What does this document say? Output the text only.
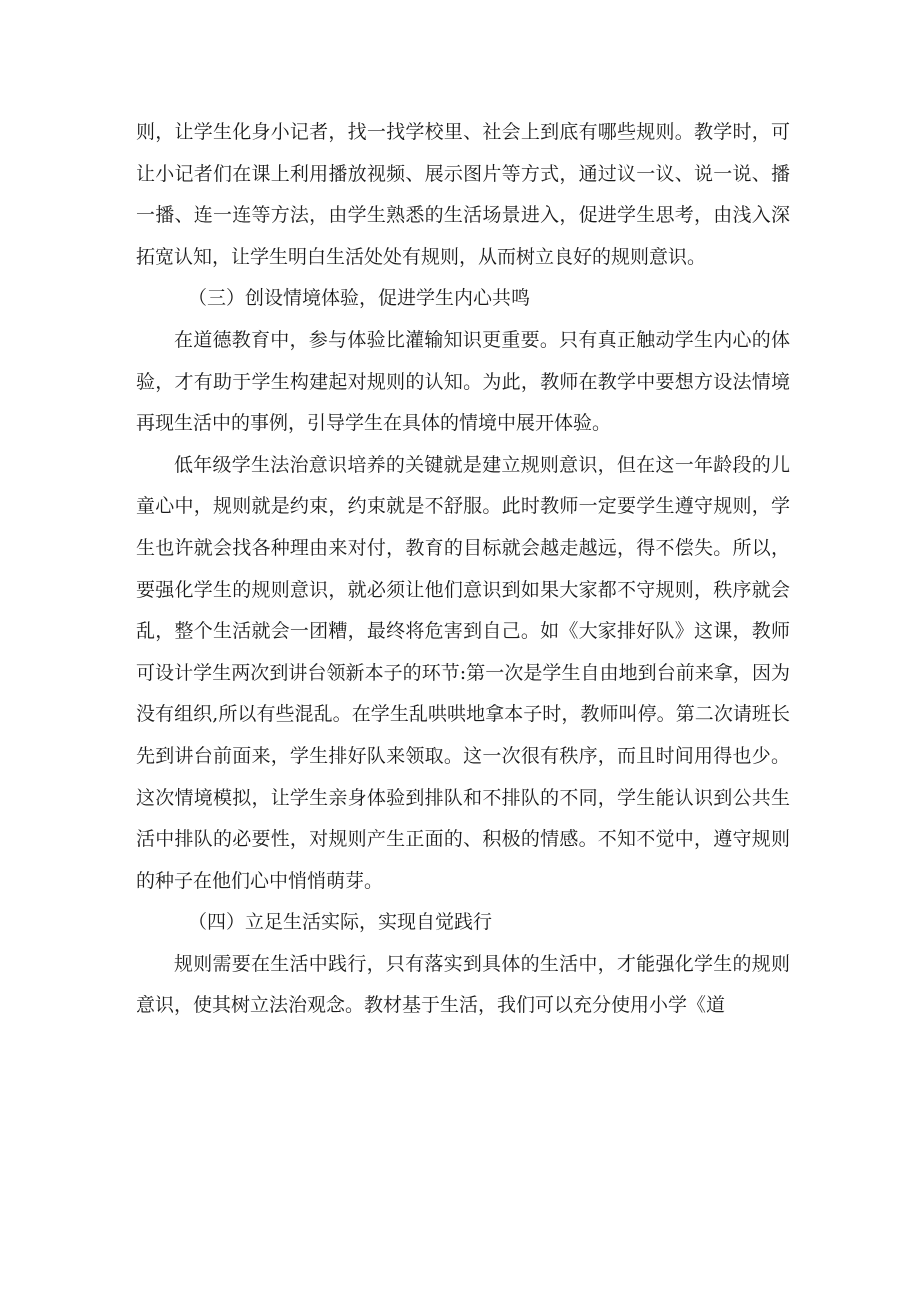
则，让学生化身小记者，找一找学校里、社会上到底有哪些规则。教学时，可让小记者们在课上利用播放视频、展示图片等方式，通过议一议、说一说、播一播、连一连等方法，由学生熟悉的生活场景进入，促进学生思考，由浅入深拓宽认知，让学生明白生活处处有规则，从而树立良好的规则意识。

（三）创设情境体验，促进学生内心共鸣

在道德教育中，参与体验比灌输知识更重要。只有真正触动学生内心的体验，才有助于学生构建起对规则的认知。为此，教师在教学中要想方设法情境再现生活中的事例，引导学生在具体的情境中展开体验。

低年级学生法治意识培养的关键就是建立规则意识，但在这一年龄段的儿童心中，规则就是约束，约束就是不舒服。此时教师一定要学生遵守规则，学生也许就会找各种理由来对付，教育的目标就会越走越远，得不偿失。所以，要强化学生的规则意识，就必须让他们意识到如果大家都不守规则，秩序就会乱，整个生活就会一团糟，最终将危害到自己。如《大家排好队》这课，教师可设计学生两次到讲台领新本子的环节:第一次是学生自由地到台前来拿，因为没有组织,所以有些混乱。在学生乱哄哄地拿本子时，教师叫停。第二次请班长先到讲台前面来，学生排好队来领取。这一次很有秩序，而且时间用得也少。这次情境模拟，让学生亲身体验到排队和不排队的不同，学生能认识到公共生活中排队的必要性，对规则产生正面的、积极的情感。不知不觉中，遵守规则的种子在他们心中悄悄萌芽。

（四）立足生活实际，实现自觉践行

规则需要在生活中践行，只有落实到具体的生活中，才能强化学生的规则意识，使其树立法治观念。教材基于生活，我们可以充分使用小学《道
